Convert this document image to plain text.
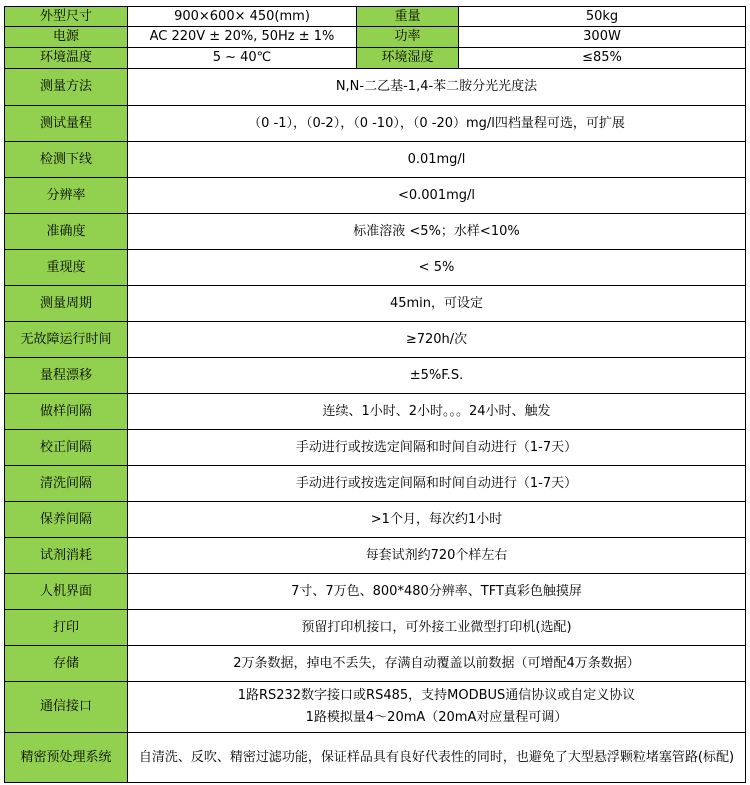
外型尺寸	900×600× 450(mm)	重量	50kg
电源	AC 220V ± 20%, 50Hz ± 1%	功率	300W
环境温度	5 ~ 40℃	环境湿度	≤85%
测量方法	N,N-二乙基-1,4-苯二胺分光光度法		
测试量程	（0 -1），（0-2），（0 -10），（0 -20）mg/l四档量程可选，可扩展		
检测下线	0.01mg/l		
分辨率	<0.001mg/l		
准确度	标准溶液 <5%；水样<10%		
重现度	< 5%		
测量周期	45min，可设定		
无故障运行时间	≥720h/次		
量程漂移	±5%F.S.		
做样间隔	连续、1小时、2小时。。。24小时、触发		
校正间隔	手动进行或按选定间隔和时间自动进行（1-7天）		
清洗间隔	手动进行或按选定间隔和时间自动进行（1-7天）		
保养间隔	>1个月，每次约1小时		
试剂消耗	每套试剂约720个样左右		
人机界面	7寸、7万色、800*480分辨率、TFT真彩色触摸屏		
打印	预留打印机接口，可外接工业微型打印机(选配)		
存储	2万条数据，掉电不丢失，存满自动覆盖以前数据（可增配4万条数据）		
通信接口	1路RS232数字接口或RS485，支持MODBUS通信协议或自定义协议
1路模拟量4～20mA（20mA对应量程可调）		

精密预处理系统	自清洗、反吹、精密过滤功能，保证样品具有良好代表性的同时，也避免了大型悬浮颗粒堵塞管路(标配)		
